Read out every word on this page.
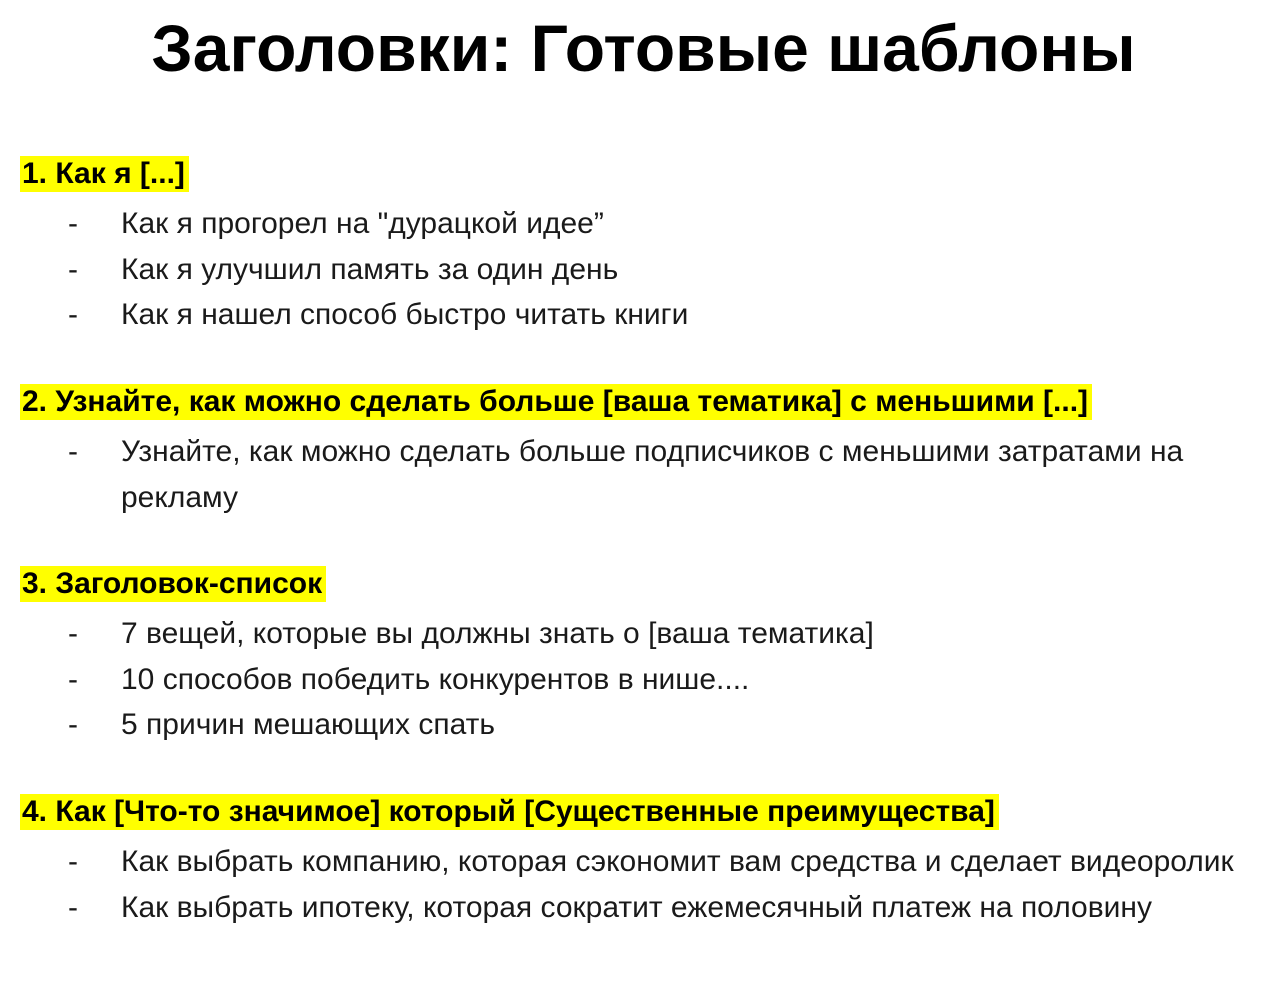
Заголовки: Готовые шаблоны
1. Как я [...]
- Как я прогорел на "дурацкой идее”
- Как я улучшил память за один день
- Как я нашел способ быстро читать книги
2. Узнайте, как можно сделать больше [ваша тематика] с меньшими [...]
- Узнайте, как можно сделать больше подписчиков с меньшими затратами на рекламу
3. Заголовок-список
- 7 вещей, которые вы должны знать о [ваша тематика]
- 10 способов победить конкурентов в нише....
- 5 причин мешающих спать
4. Как [Что-то значимое] который [Существенные преимущества]
- Как выбрать компанию, которая сэкономит вам средства и сделает видеоролик
- Как выбрать ипотеку, которая сократит ежемесячный платеж на половину
